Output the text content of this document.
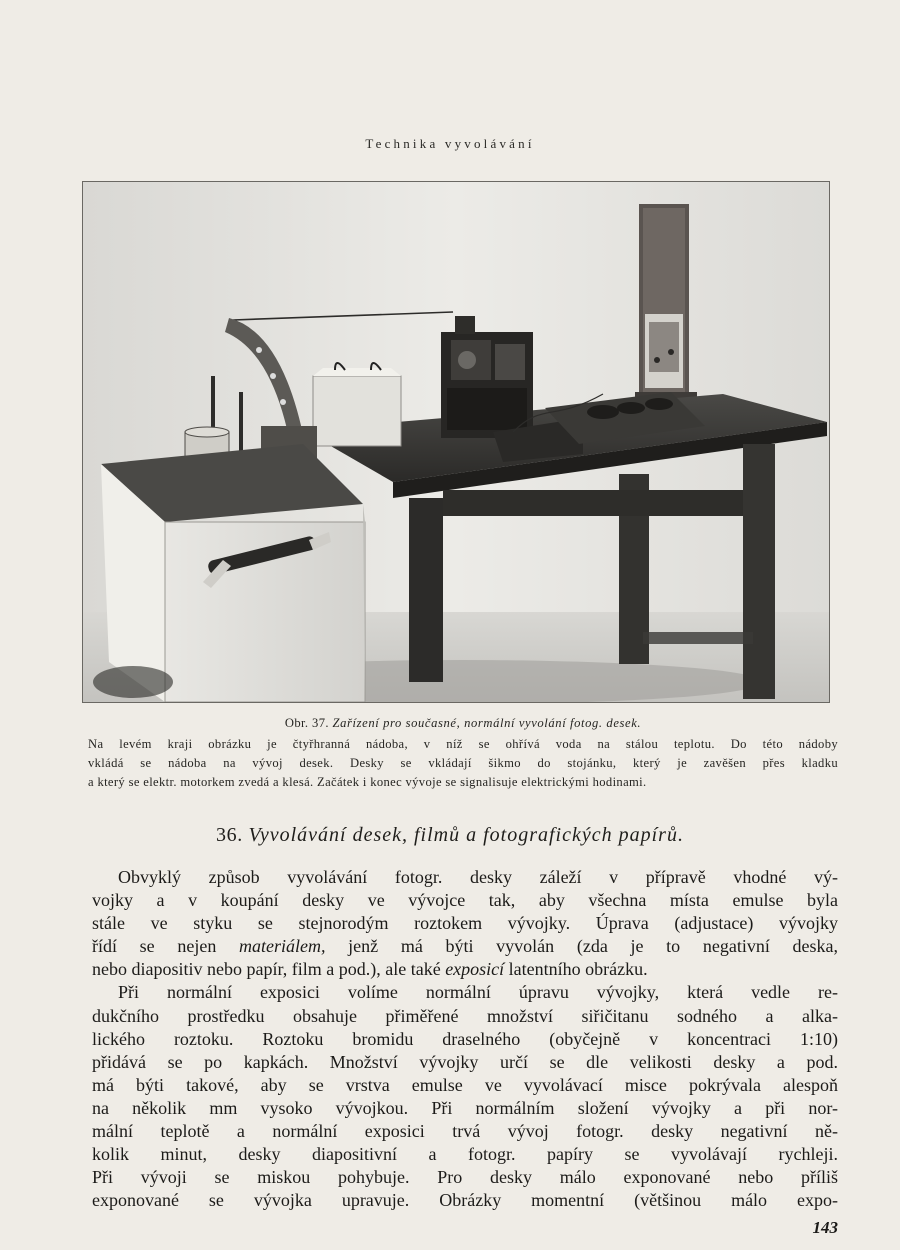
Technika vyvolávání
Obr. 37. Zařízení pro současné, normální vyvolání fotog. desek.
Na levém kraji obrázku je čtyřhranná nádoba, v níž se ohřívá voda na stálou teplotu. Do této nádoby
vkládá se nádoba na vývoj desek. Desky se vkládají šikmo do stojánku, který je zavěšen přes kladku
a který se elektr. motorkem zvedá a klesá. Začátek i konec vývoje se signalisuje elektrickými hodinami.
36. Vyvolávání desek, filmů a fotografických papírů.
Obvyklý způsob vyvolávání fotogr. desky záleží v přípravě vhodné vý-
vojky a v koupání desky ve vývojce tak, aby všechna místa emulse byla
stále ve styku se stejnorodým roztokem vývojky. Úprava (adjustace) vývojky
řídí se nejen materiálem, jenž má býti vyvolán (zda je to negativní deska,
nebo diapositiv nebo papír, film a pod.), ale také exposicí latentního obrázku.
Při normální exposici volíme normální úpravu vývojky, která vedle re-
dukčního prostředku obsahuje přiměřené množství siřičitanu sodného a alka-
lického roztoku. Roztoku bromidu draselného (obyčejně v koncentraci 1:10)
přidává se po kapkách. Množství vývojky určí se dle velikosti desky a pod.
má býti takové, aby se vrstva emulse ve vyvolávací misce pokrývala alespoň
na několik mm vysoko vývojkou. Při normálním složení vývojky a při nor-
mální teplotě a normální exposici trvá vývoj fotogr. desky negativní ně-
kolik minut, desky diapositivní a fotogr. papíry se vyvolávají rychleji.
Při vývoji se miskou pohybuje. Pro desky málo exponované nebo příliš
exponované se vývojka upravuje. Obrázky momentní (většinou málo expo-
143
